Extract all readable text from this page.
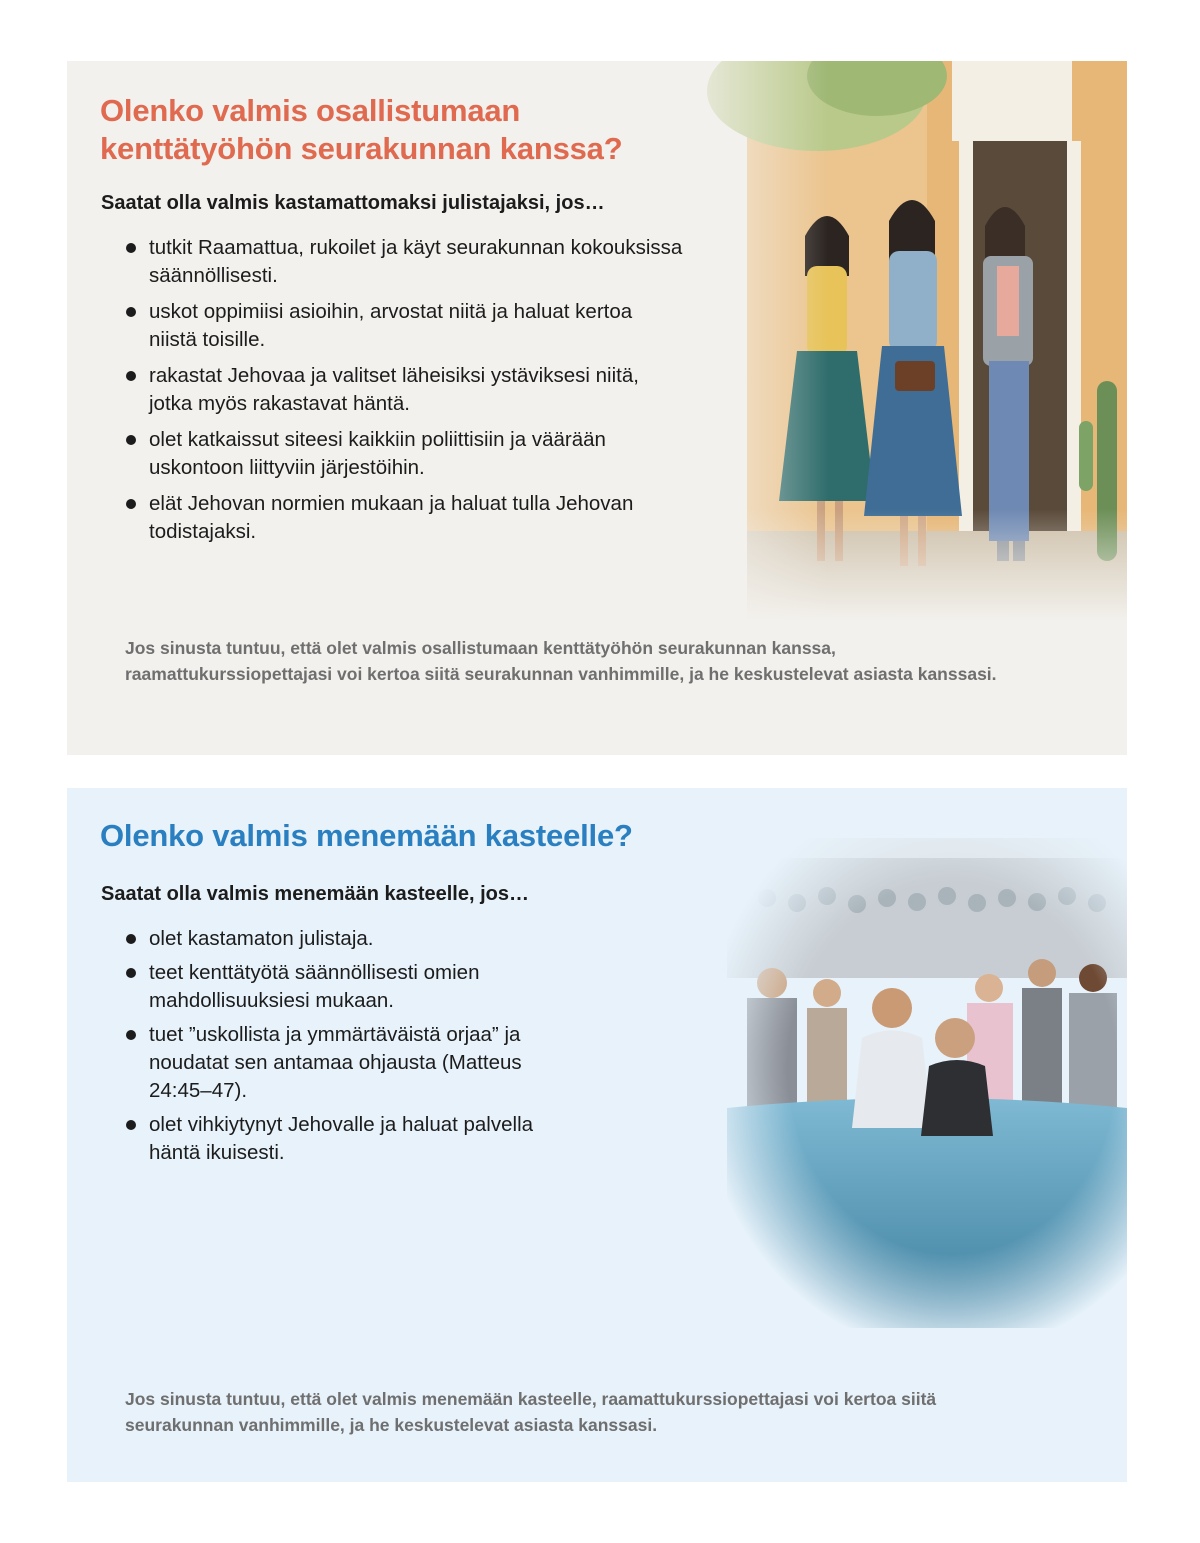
Olenko valmis osallistumaan kenttätyöhön seurakunnan kanssa?

Saatat olla valmis kastamattomaksi julistajaksi, jos…

tutkit Raamattua, rukoilet ja käyt seurakunnan kokouksissa säännöllisesti.
uskot oppimiisi asioihin, arvostat niitä ja haluat kertoa niistä toisille.
rakastat Jehovaa ja valitset läheisiksi ystäviksesi niitä, jotka myös rakastavat häntä.
olet katkaissut siteesi kaikkiin poliittisiin ja väärään uskontoon liittyviin järjestöihin.
elät Jehovan normien mukaan ja haluat tulla Jehovan todistajaksi.

Jos sinusta tuntuu, että olet valmis osallistumaan kenttätyöhön seurakunnan kanssa, raamattukurssiopettajasi voi kertoa siitä seurakunnan vanhimmille, ja he keskustelevat asiasta kanssasi.

Olenko valmis menemään kasteelle?

Saatat olla valmis menemään kasteelle, jos…

olet kastamaton julistaja.
teet kenttätyötä säännöllisesti omien mahdollisuuksiesi mukaan.
tuet ”uskollista ja ymmärtäväistä orjaa” ja noudatat sen antamaa ohjausta (Matteus 24:45–47).
olet vihkiytynyt Jehovalle ja haluat palvella häntä ikuisesti.

Jos sinusta tuntuu, että olet valmis menemään kasteelle, raamattukurssiopettajasi voi kertoa siitä seurakunnan vanhimmille, ja he keskustelevat asiasta kanssasi.
